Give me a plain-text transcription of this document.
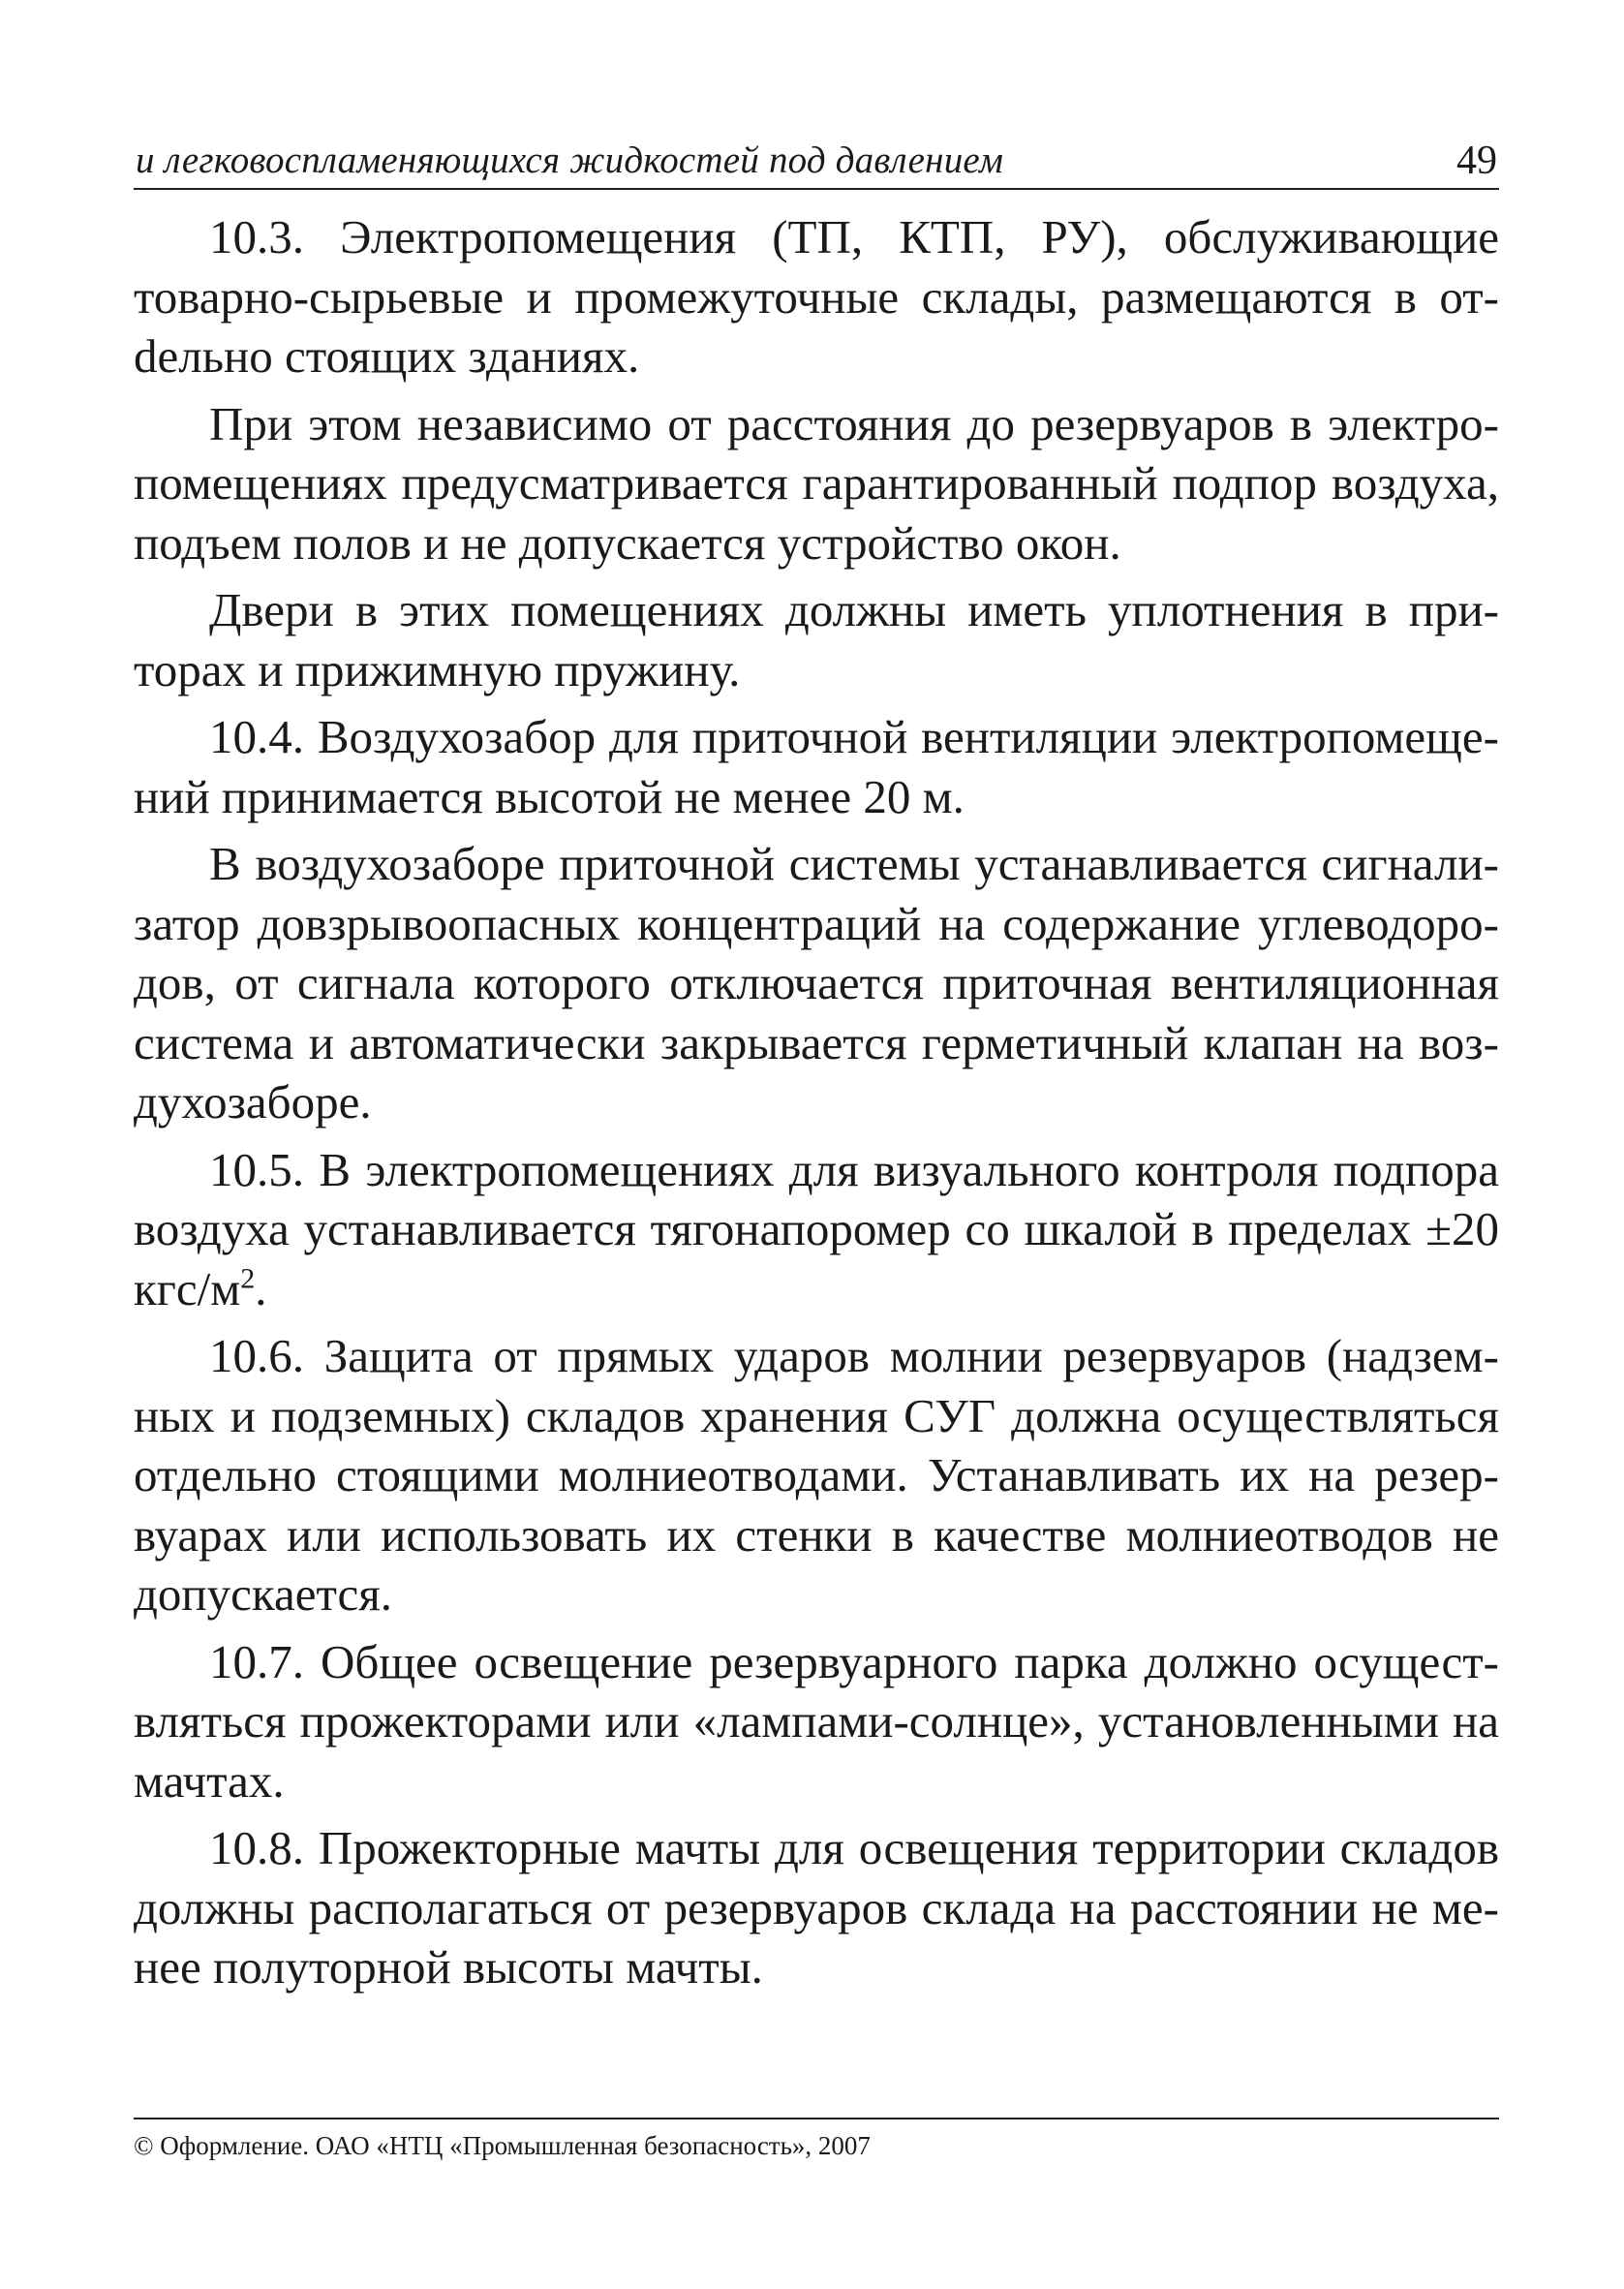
и легковоспламеняющихся жидкостей под давлением	49

10.3. Электропомещения (ТП, КТП, РУ), обслуживающие товарно-сырьевые и промежуточные склады, размещаются в отdельно стоящих зданиях.

При этом независимо от расстояния до резервуаров в электропомещениях предусматривается гарантированный подпор воздуха, подъем полов и не допускается устройство окон.

Двери в этих помещениях должны иметь уплотнения в приторах и прижимную пружину.

10.4. Воздухозабор для приточной вентиляции электропомещений принимается высотой не менее 20 м.

В воздухозаборе приточной системы устанавливается сигнализатор довзрывоопасных концентраций на содержание углеводородов, от сигнала которого отключается приточная вентиляционная система и автоматически закрывается герметичный клапан на воздухозаборе.

10.5. В электропомещениях для визуального контроля подпора воздуха устанавливается тягонапоромер со шкалой в пределах ±20 кгс/$м^2$.

10.6. Защита от прямых ударов молнии резервуаров (надземных и подземных) складов хранения СУГ должна осуществляться отдельно стоящими молниеотводами. Устанавливать их на резервуарах или использовать их стенки в качестве молниеотводов не допускается.

10.7. Общее освещение резервуарного парка должно осуществляться прожекторами или «лампами-солнце», установленными на мачтах.

10.8. Прожекторные мачты для освещения территории складов должны располагаться от резервуаров склада на расстоянии не менее полуторной высоты мачты.

© Оформление. ОАО «НТЦ «Промышленная безопасность», 2007
